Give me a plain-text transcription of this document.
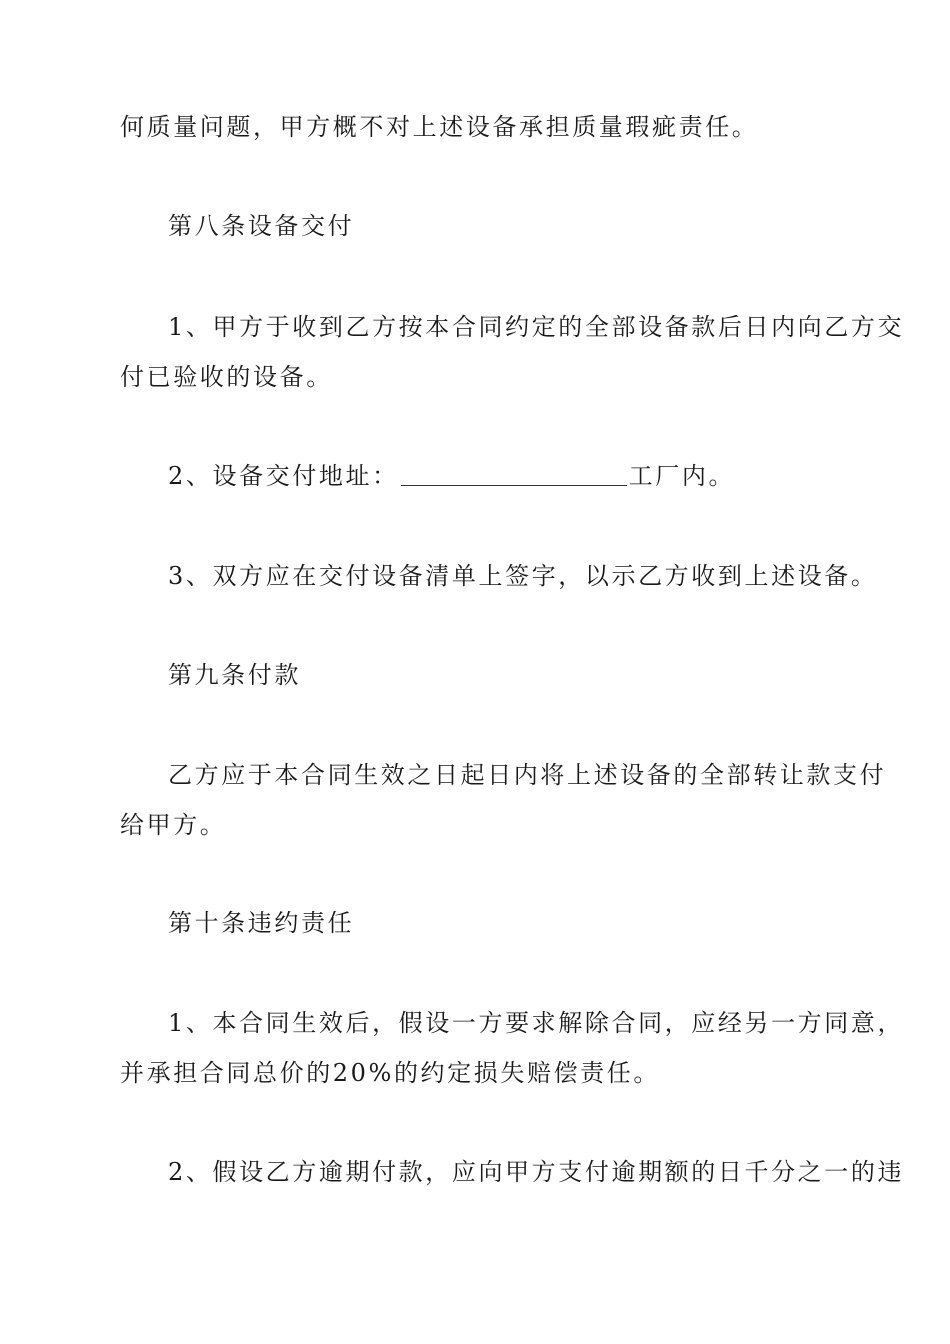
何质量问题，甲方概不对上述设备承担质量瑕疵责任。
第八条设备交付
1、甲方于收到乙方按本合同约定的全部设备款后日内向乙方交
付已验收的设备。
2、设备交付地址：	工厂内。
3、双方应在交付设备清单上签字，以示乙方收到上述设备。
第九条付款
乙方应于本合同生效之日起日内将上述设备的全部转让款支付
给甲方。
第十条违约责任
1、本合同生效后，假设一方要求解除合同，应经另一方同意，
并承担合同总价的20%的约定损失赔偿责任。
2、假设乙方逾期付款，应向甲方支付逾期额的日千分之一的违
